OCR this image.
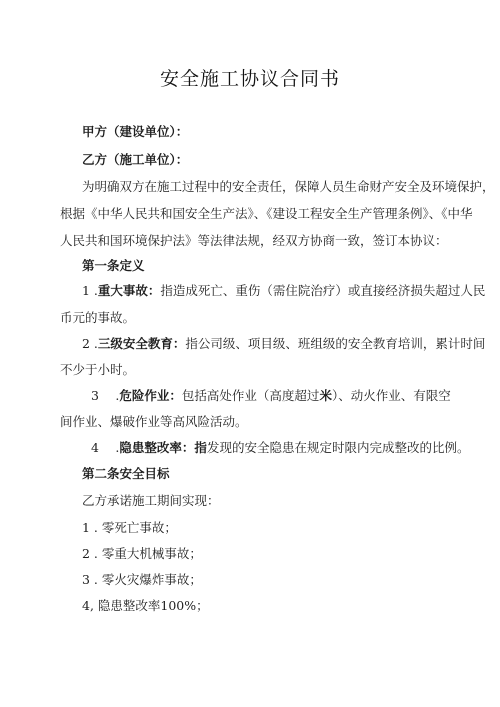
安全施工协议合同书
甲方（建设单位）：
乙方（施工单位）：
为明确双方在施工过程中的安全责任，保障人员生命财产安全及环境保护，
根据《中华人民共和国安全生产法》、《建设工程安全生产管理条例》、《中华
人民共和国环境保护法》等法律法规，经双方协商一致，签订本协议：
第一条定义
1 .重大事故：指造成死亡、重伤（需住院治疗）或直接经济损失超过人民
币元的事故。
2 .三级安全教育：指公司级、项目级、班组级的安全教育培训，累计时间
不少于小时。
3　 .危险作业：包括高处作业（高度超过米）、动火作业、有限空
间作业、爆破作业等高风险活动。
4　 .隐患整改率：指发现的安全隐患在规定时限内完成整改的比例。
第二条安全目标
乙方承诺施工期间实现：
1 . 零死亡事故；
2 . 零重大机械事故；
3 . 零火灾爆炸事故；
4, 隐患整改率100%；
